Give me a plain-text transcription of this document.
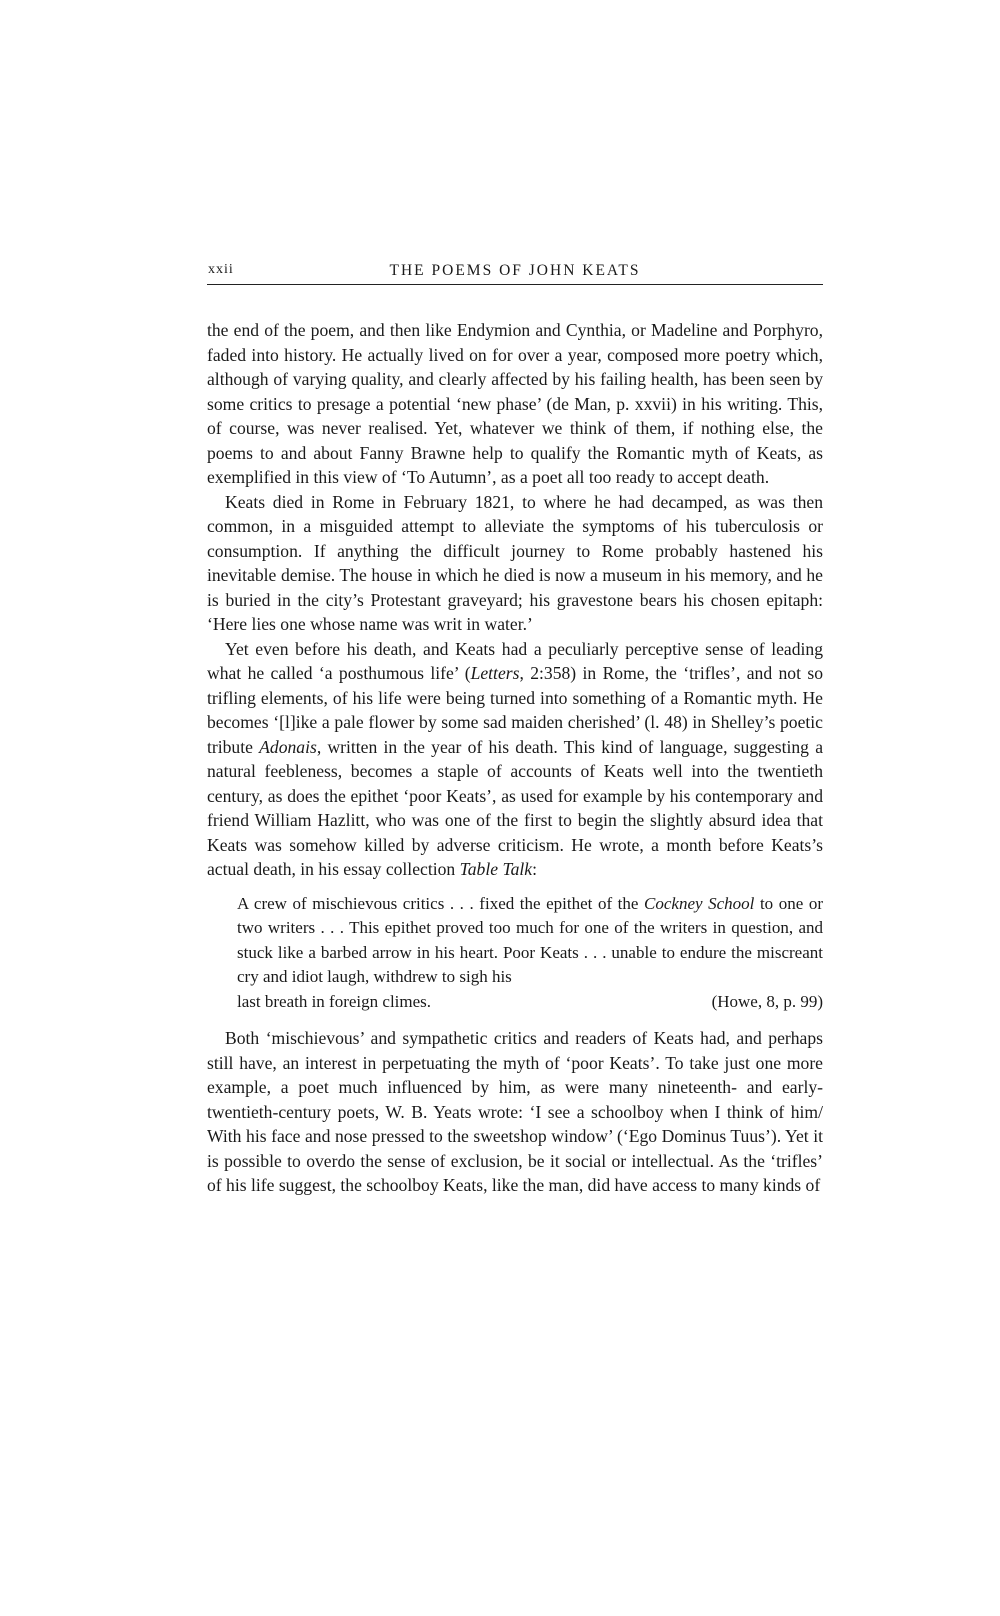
xxii	THE POEMS OF JOHN KEATS

the end of the poem, and then like Endymion and Cynthia, or Madeline and Porphyro, faded into history. He actually lived on for over a year, composed more poetry which, although of varying quality, and clearly affected by his failing health, has been seen by some critics to presage a potential ‘new phase’ (de Man, p. xxvii) in his writing. This, of course, was never realised. Yet, whatever we think of them, if nothing else, the poems to and about Fanny Brawne help to qualify the Romantic myth of Keats, as exemplified in this view of ‘To Autumn’, as a poet all too ready to accept death.

Keats died in Rome in February 1821, to where he had decamped, as was then common, in a misguided attempt to alleviate the symptoms of his tuberculosis or consumption. If anything the difficult journey to Rome probably hastened his inevitable demise. The house in which he died is now a museum in his memory, and he is buried in the city’s Protestant graveyard; his gravestone bears his chosen epitaph: ‘Here lies one whose name was writ in water.’

Yet even before his death, and Keats had a peculiarly perceptive sense of leading what he called ‘a posthumous life’ (Letters, 2:358) in Rome, the ‘trifles’, and not so trifling elements, of his life were being turned into something of a Romantic myth. He becomes ‘[l]ike a pale flower by some sad maiden cherished’ (l. 48) in Shelley’s poetic tribute Adonais, written in the year of his death. This kind of language, suggesting a natural feebleness, becomes a staple of accounts of Keats well into the twentieth century, as does the epithet ‘poor Keats’, as used for example by his contemporary and friend William Hazlitt, who was one of the first to begin the slightly absurd idea that Keats was somehow killed by adverse criticism. He wrote, a month before Keats’s actual death, in his essay collection Table Talk:

A crew of mischievous critics . . . fixed the epithet of the Cockney School to one or two writers . . . This epithet proved too much for one of the writers in question, and stuck like a barbed arrow in his heart. Poor Keats . . . unable to endure the miscreant cry and idiot laugh, withdrew to sigh his
last breath in foreign climes.	(Howe, 8, p. 99)

Both ‘mischievous’ and sympathetic critics and readers of Keats had, and perhaps still have, an interest in perpetuating the myth of ‘poor Keats’. To take just one more example, a poet much influenced by him, as were many nineteenth- and early-twentieth-century poets, W. B. Yeats wrote: ‘I see a schoolboy when I think of him/ With his face and nose pressed to the sweetshop window’ (‘Ego Dominus Tuus’). Yet it is possible to overdo the sense of exclusion, be it social or intellectual. As the ‘trifles’ of his life suggest, the schoolboy Keats, like the man, did have access to many kinds of
